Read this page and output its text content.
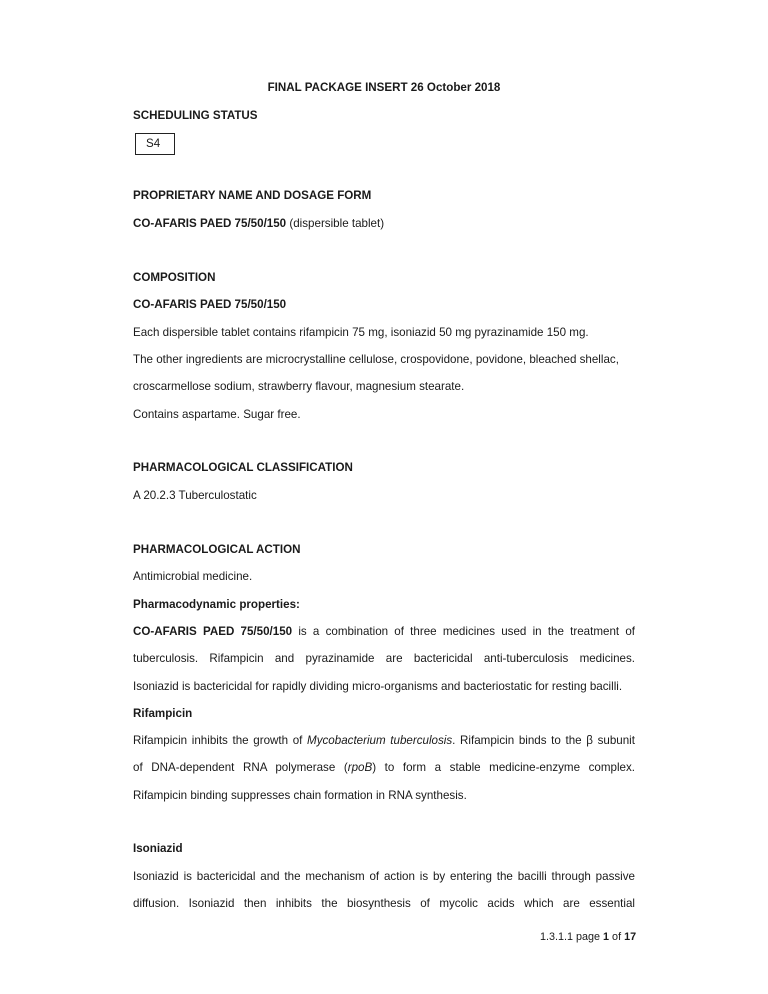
FINAL PACKAGE INSERT 26 October 2018
SCHEDULING STATUS
S4
PROPRIETARY NAME AND DOSAGE FORM
CO-AFARIS PAED 75/50/150 (dispersible tablet)
COMPOSITION
CO-AFARIS PAED 75/50/150
Each dispersible tablet contains rifampicin 75 mg, isoniazid 50 mg pyrazinamide 150 mg.
The other ingredients are microcrystalline cellulose, crospovidone, povidone, bleached shellac,
croscarmellose sodium, strawberry flavour, magnesium stearate.
Contains aspartame. Sugar free.
PHARMACOLOGICAL CLASSIFICATION
A 20.2.3 Tuberculostatic
PHARMACOLOGICAL ACTION
Antimicrobial medicine.
Pharmacodynamic properties:
CO-AFARIS PAED 75/50/150 is a combination of three medicines used in the treatment of
tuberculosis. Rifampicin and pyrazinamide are bactericidal anti-tuberculosis medicines.
Isoniazid is bactericidal for rapidly dividing micro-organisms and bacteriostatic for resting bacilli.
Rifampicin
Rifampicin inhibits the growth of Mycobacterium tuberculosis. Rifampicin binds to the β subunit
of DNA-dependent RNA polymerase (rpoB) to form a stable medicine-enzyme complex.
Rifampicin binding suppresses chain formation in RNA synthesis.
Isoniazid
Isoniazid is bactericidal and the mechanism of action is by entering the bacilli through passive
diffusion. Isoniazid then inhibits the biosynthesis of mycolic acids which are essential
1.3.1.1 page 1 of 17
